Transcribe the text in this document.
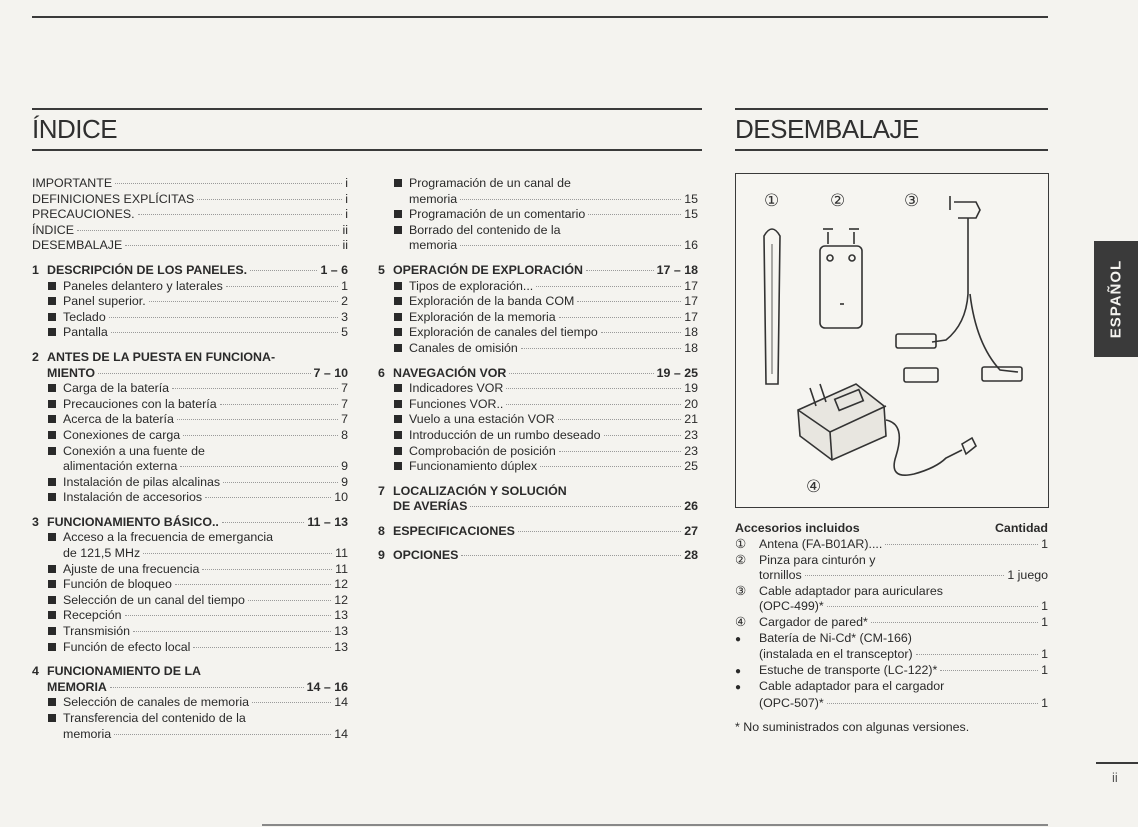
ÍNDICE	DESEMBALAJE
IMPORTANTE	i
DEFINICIONES EXPLÍCITAS	i
PRECAUCIONES.	i
ÍNDICE	ii
DESEMBALAJE	ii
1 DESCRIPCIÓN DE LOS PANELES.	1 – 6
Paneles delantero y laterales	1
Panel superior.	2
Teclado	3
Pantalla	5
2 ANTES DE LA PUESTA EN FUNCIONA-
MIENTO	7 – 10
Carga de la batería	7
Precauciones con la batería	7
Acerca de la batería	7
Conexiones de carga	8
Conexión a una fuente de
alimentación externa	9
Instalación de pilas alcalinas	9
Instalación de accesorios	10
3 FUNCIONAMIENTO BÁSICO..	11 – 13
Acceso a la frecuencia de emergancia
de 121,5 MHz	11
Ajuste de una frecuencia	11
Función de bloqueo	12
Selección de un canal del tiempo	12
Recepción	13
Transmisión	13
Función de efecto local	13
4 FUNCIONAMIENTO DE LA
MEMORIA	14 – 16
Selección de canales de memoria	14
Transferencia del contenido de la
memoria	14
Programación de un canal de
memoria	15
Programación de un comentario	15
Borrado del contenido de la
memoria	16
5 OPERACIÓN DE EXPLORACIÓN	17 – 18
Tipos de exploración...	17
Exploración de la banda COM	17
Exploración de la memoria	17
Exploración de canales del tiempo	18
Canales de omisión	18
6 NAVEGACIÓN VOR	19 – 25
Indicadores VOR	19
Funciones VOR..	20
Vuelo a una estación VOR	21
Introducción de un rumbo deseado	23
Comprobación de posición	23
Funcionamiento dúplex	25
7 LOCALIZACIÓN Y SOLUCIÓN
DE AVERÍAS	26
8 ESPECIFICACIONES	27
9 OPCIONES	28
①	②	③
④
Accesorios incluidos	Cantidad
①	Antena (FA-B01AR)....	1
②	Pinza para cinturón y
tornillos	1 juego
③	Cable adaptador para auriculares
(OPC-499)*	1
④	Cargador de pared*	1
●	Batería de Ni-Cd* (CM-166)
(instalada en el transceptor)	1
●	Estuche de transporte (LC-122)*	1
●	Cable adaptador para el cargador
(OPC-507)*	1
* No suministrados con algunas versiones.
ESPAÑOL
ii
